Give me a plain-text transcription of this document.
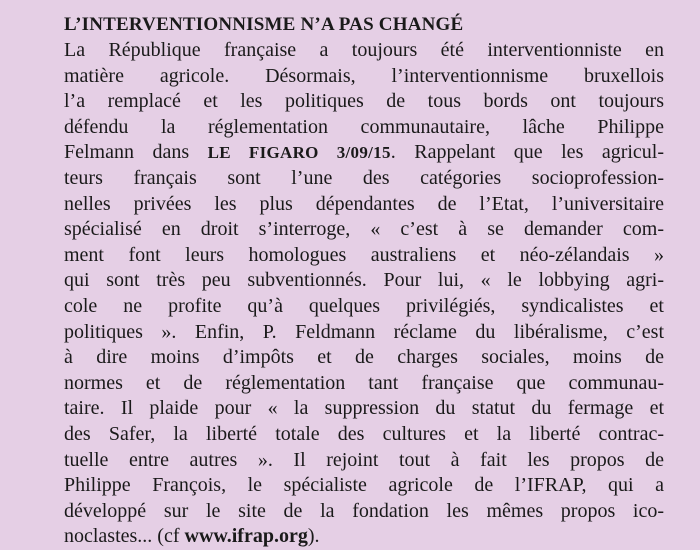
L’INTERVENTIONNISME N’A PAS CHANGÉ
La République française a toujours été interventionniste en
matière agricole. Désormais, l’interventionnisme bruxellois
l’a remplacé et les politiques de tous bords ont toujours
défendu la réglementation communautaire, lâche Philippe
Felmann dans LE FIGARO 3/09/15. Rappelant que les agricul-
teurs français sont l’une des catégories socioprofession-
nelles privées les plus dépendantes de l’Etat, l’universitaire
spécialisé en droit s’interroge, « c’est à se demander com-
ment font leurs homologues australiens et néo-zélandais »
qui sont très peu subventionnés. Pour lui, « le lobbying agri-
cole ne profite qu’à quelques privilégiés, syndicalistes et
politiques ». Enfin, P. Feldmann réclame du libéralisme, c’est
à dire moins d’impôts et de charges sociales, moins de
normes et de réglementation tant française que communau-
taire. Il plaide pour « la suppression du statut du fermage et
des Safer, la liberté totale des cultures et la liberté contrac-
tuelle entre autres ». Il rejoint tout à fait les propos de
Philippe François, le spécialiste agricole de l’IFRAP, qui a
développé sur le site de la fondation les mêmes propos ico-
noclastes... (cf www.ifrap.org).
